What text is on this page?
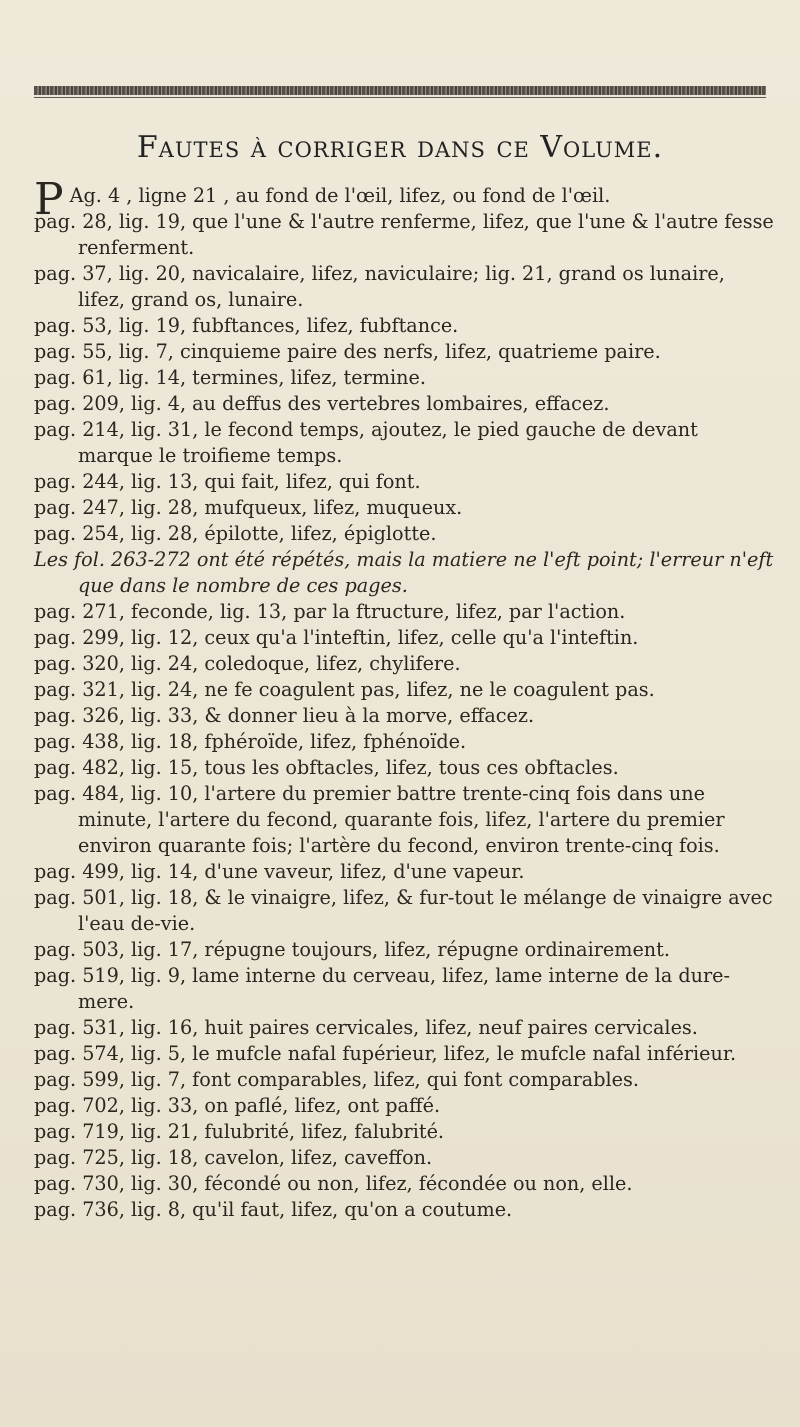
Fautes à corriger dans ce Volume.

P Ag. 4 , ligne 21 , au fond de l'œil, lifez, ou fond de l'œil.

pag. 28, lig. 19, que l'une & l'autre renferme, lifez, que l'une & l'autre fesse renferment.

pag. 37, lig. 20, navicalaire, lifez, naviculaire; lig. 21, grand os lunaire, lifez, grand os, lunaire.

pag. 53, lig. 19, fubftances, lifez, fubftance.

pag. 55, lig. 7, cinquieme paire des nerfs, lifez, quatrieme paire.

pag. 61, lig. 14, termines, lifez, termine.

pag. 209, lig. 4, au deffus des vertebres lombaires, effacez.

pag. 214, lig. 31, le fecond temps, ajoutez, le pied gauche de devant marque le troifieme temps.

pag. 244, lig. 13, qui fait, lifez, qui font.

pag. 247, lig. 28, mufqueux, lifez, muqueux.

pag. 254, lig. 28, épilotte, lifez, épiglotte.

Les fol. 263-272 ont été répétés, mais la matiere ne l'eft point; l'erreur n'eft que dans le nombre de ces pages.

pag. 271, feconde, lig. 13, par la ftructure, lifez, par l'action.

pag. 299, lig. 12, ceux qu'a l'inteftin, lifez, celle qu'a l'inteftin.

pag. 320, lig. 24, coledoque, lifez, chylifere.

pag. 321, lig. 24, ne fe coagulent pas, lifez, ne le coagulent pas.

pag. 326, lig. 33, & donner lieu à la morve, effacez.

pag. 438, lig. 18, fphéroïde, lifez, fphénoïde.

pag. 482, lig. 15, tous les obftacles, lifez, tous ces obftacles.

pag. 484, lig. 10, l'artere du premier battre trente-cinq fois dans une minute, l'artere du fecond, quarante fois, lifez, l'artere du premier environ quarante fois; l'artère du fecond, environ trente-cinq fois.

pag. 499, lig. 14, d'une vaveur, lifez, d'une vapeur.

pag. 501, lig. 18, & le vinaigre, lifez, & fur-tout le mélange de vinaigre avec l'eau de-vie.

pag. 503, lig. 17, répugne toujours, lifez, répugne ordinairement.

pag. 519, lig. 9, lame interne du cerveau, lifez, lame interne de la dure-mere.

pag. 531, lig. 16, huit paires cervicales, lifez, neuf paires cervicales.

pag. 574, lig. 5, le mufcle nafal fupérieur, lifez, le mufcle nafal inférieur.

pag. 599, lig. 7, font comparables, lifez, qui font comparables.

pag. 702, lig. 33, on paflé, lifez, ont paffé.

pag. 719, lig. 21, fulubrité, lifez, falubrité.

pag. 725, lig. 18, cavelon, lifez, caveffon.

pag. 730, lig. 30, fécondé ou non, lifez, fécondée ou non, elle.

pag. 736, lig. 8, qu'il faut, lifez, qu'on a coutume.
